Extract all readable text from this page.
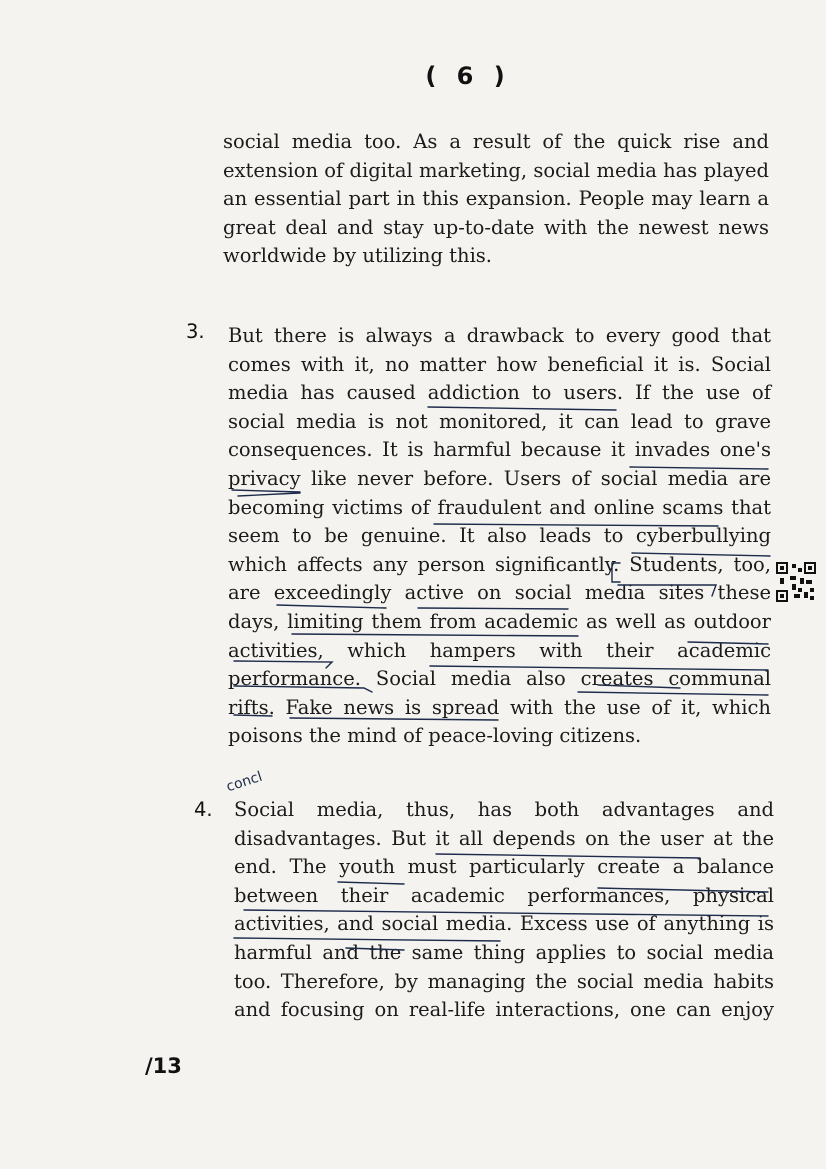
( 6 )
social media too. As a result of the quick rise and
extension of digital marketing, social media has played
an essential part in this expansion. People may learn a
great deal and stay up-to-date with the newest news
worldwide by utilizing this.
3. But there is always a drawback to every good that
comes with it, no matter how beneficial it is. Social
media has caused addiction to users. If the use of
social media is not monitored, it can lead to grave
consequences. It is harmful because it invades one's
privacy like never before. Users of social media are
becoming victims of fraudulent and online scams that
seem to be genuine. It also leads to cyberbullying
which affects any person significantly. Students, too,
are exceedingly active on social media sites these
days, limiting them from academic as well as outdoor
activities, which hampers with their academic
performance. Social media also creates communal
rifts. Fake news is spread with the use of it, which
poisons the mind of peace-loving citizens.
concl
4. Social media, thus, has both advantages and
disadvantages. But it all depends on the user at the
end. The youth must particularly create a balance
between their academic performances, physical
activities, and social media. Excess use of anything is
harmful and the same thing applies to social media
too. Therefore, by managing the social media habits
and focusing on real-life interactions, one can enjoy
/13
